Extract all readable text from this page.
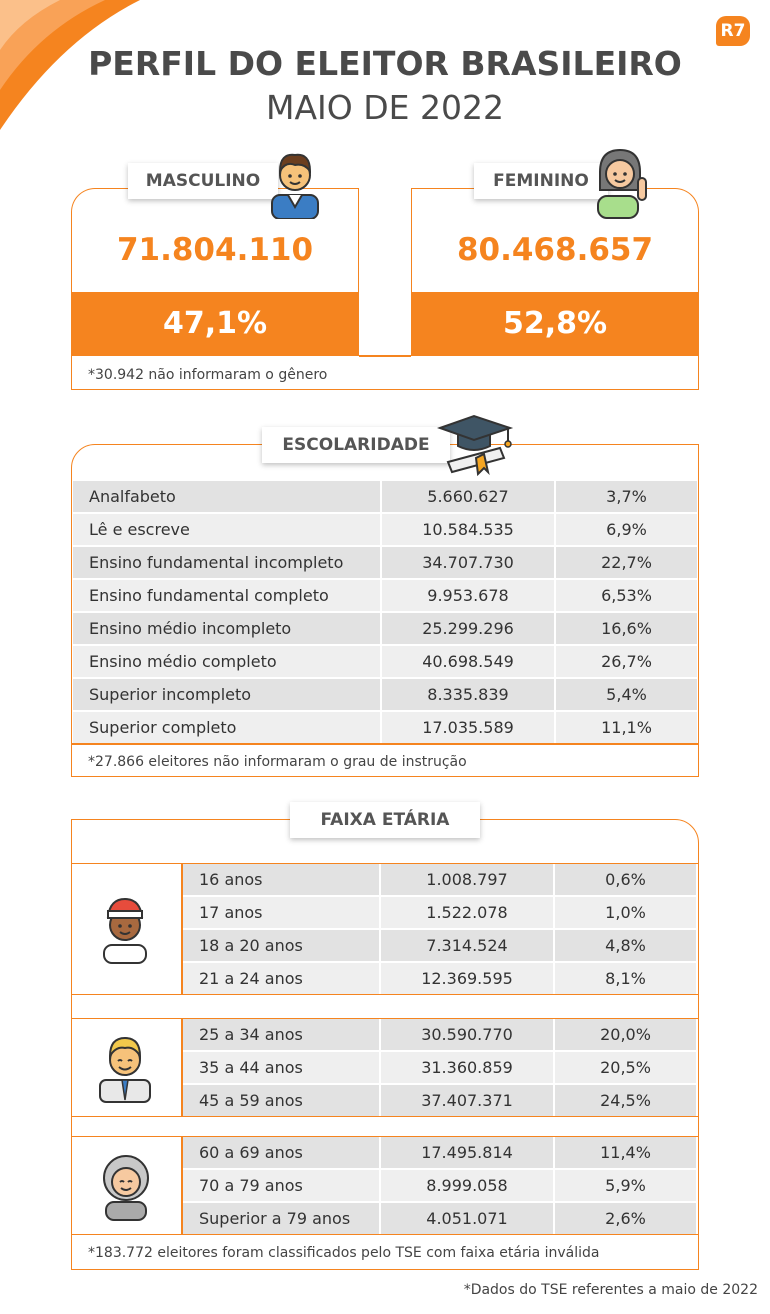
R7
PERFIL DO ELEITOR BRASILEIRO
MAIO DE 2022
71.804.110
47,1%
80.468.657
52,8%
*30.942 não informaram o gênero
MASCULINO	FEMININO
Analfabeto	5.660.627	3,7%
Lê e escreve	10.584.535	6,9%
Ensino fundamental incompleto	34.707.730	22,7%
Ensino fundamental completo	9.953.678	6,53%
Ensino médio incompleto	25.299.296	16,6%
Ensino médio completo	40.698.549	26,7%
Superior incompleto	8.335.839	5,4%
Superior completo	17.035.589	11,1%
*27.866 eleitores não informaram o grau de instrução
ESCOLARIDADE
16 anos	1.008.797	0,6%
17 anos	1.522.078	1,0%
18 a 20 anos	7.314.524	4,8%
21 a 24 anos	12.369.595	8,1%
25 a 34 anos	30.590.770	20,0%
35 a 44 anos	31.360.859	20,5%
45 a 59 anos	37.407.371	24,5%
60 a 69 anos	17.495.814	11,4%
70 a 79 anos	8.999.058	5,9%
Superior a 79 anos	4.051.071	2,6%
*183.772 eleitores foram classificados pelo TSE com faixa etária inválida
FAIXA ETÁRIA
*Dados do TSE referentes a maio de 2022
